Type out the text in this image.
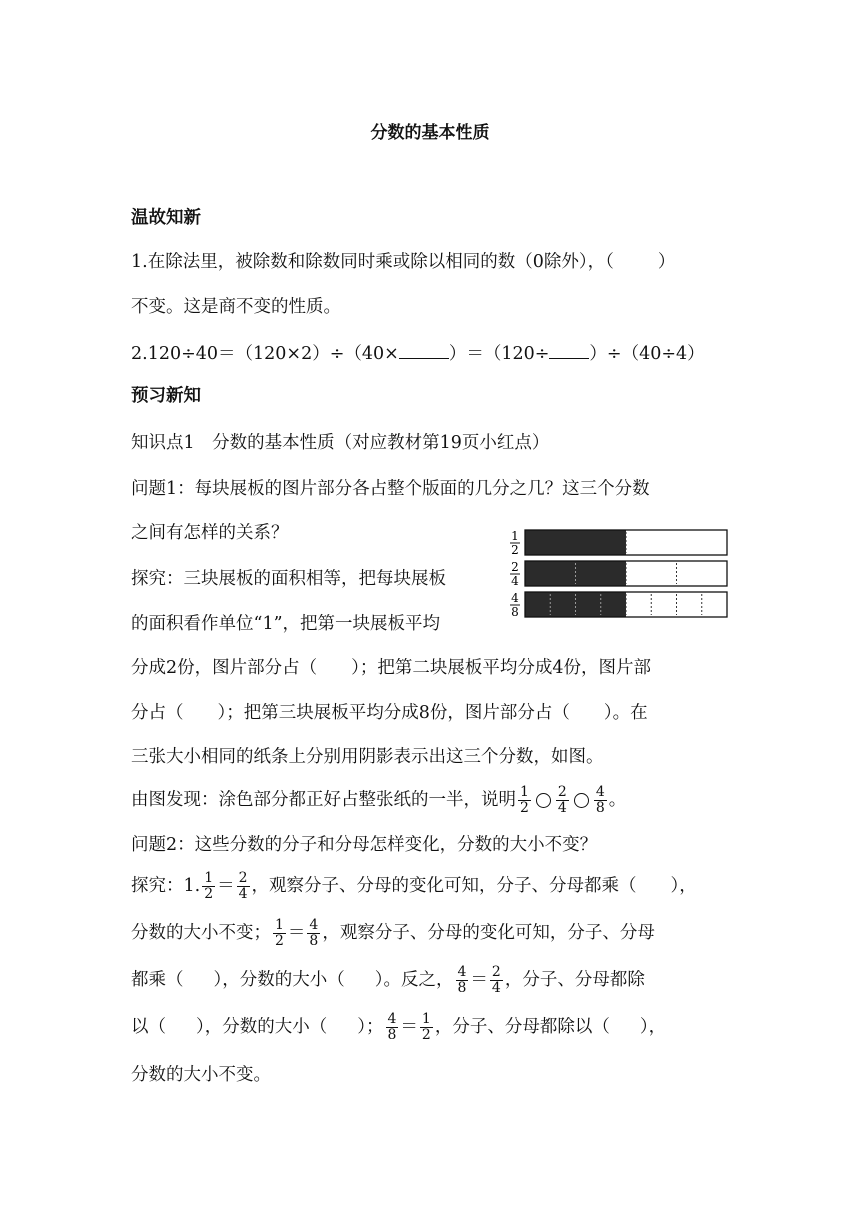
分数的基本性质
温故知新
1.在除法里，被除数和除数同时乘或除以相同的数（0除外），（	）
不变。这是商不变的性质。
2.120÷40＝（120×2）÷（40×	）＝（120÷ ）÷（40÷4）
预习新知
知识点1　分数的基本性质（对应教材第19页小红点）
问题1：每块展板的图片部分各占整个版面的几分之几？这三个分数
之间有怎样的关系？
探究：三块展板的面积相等，把每块展板
的面积看作单位“1”，把第一块展板平均
分成2份，图片部分占（ ）；把第二块展板平均分成4份，图片部
分占（ ）；把第三块展板平均分成8份，图片部分占（ ）。在
三张大小相同的纸条上分别用阴影表示出这三个分数，如图。
由图发现：涂色部分都正好占整张纸的一半，说明 $\frac{1}{2} \frac{2}{4} \frac{4}{8}$ 。
问题2：这些分数的分子和分母怎样变化，分数的大小不变？
探究：1. $\frac{1}{2} = \frac{2}{4}$ ，观察分子、分母的变化可知，分子、分母都乘（ ），
分数的大小不变； $\frac{1}{2} = \frac{4}{8}$ ，观察分子、分母的变化可知，分子、分母
都乘（ ），分数的大小（ ）。反之， $\frac{4}{8} = \frac{2}{4}$ ，分子、分母都除
以（ ），分数的大小（ ）； $\frac{4}{8} = \frac{1}{2}$ ，分子、分母都除以（ ），
分数的大小不变。
1
2
2
4
4
8
